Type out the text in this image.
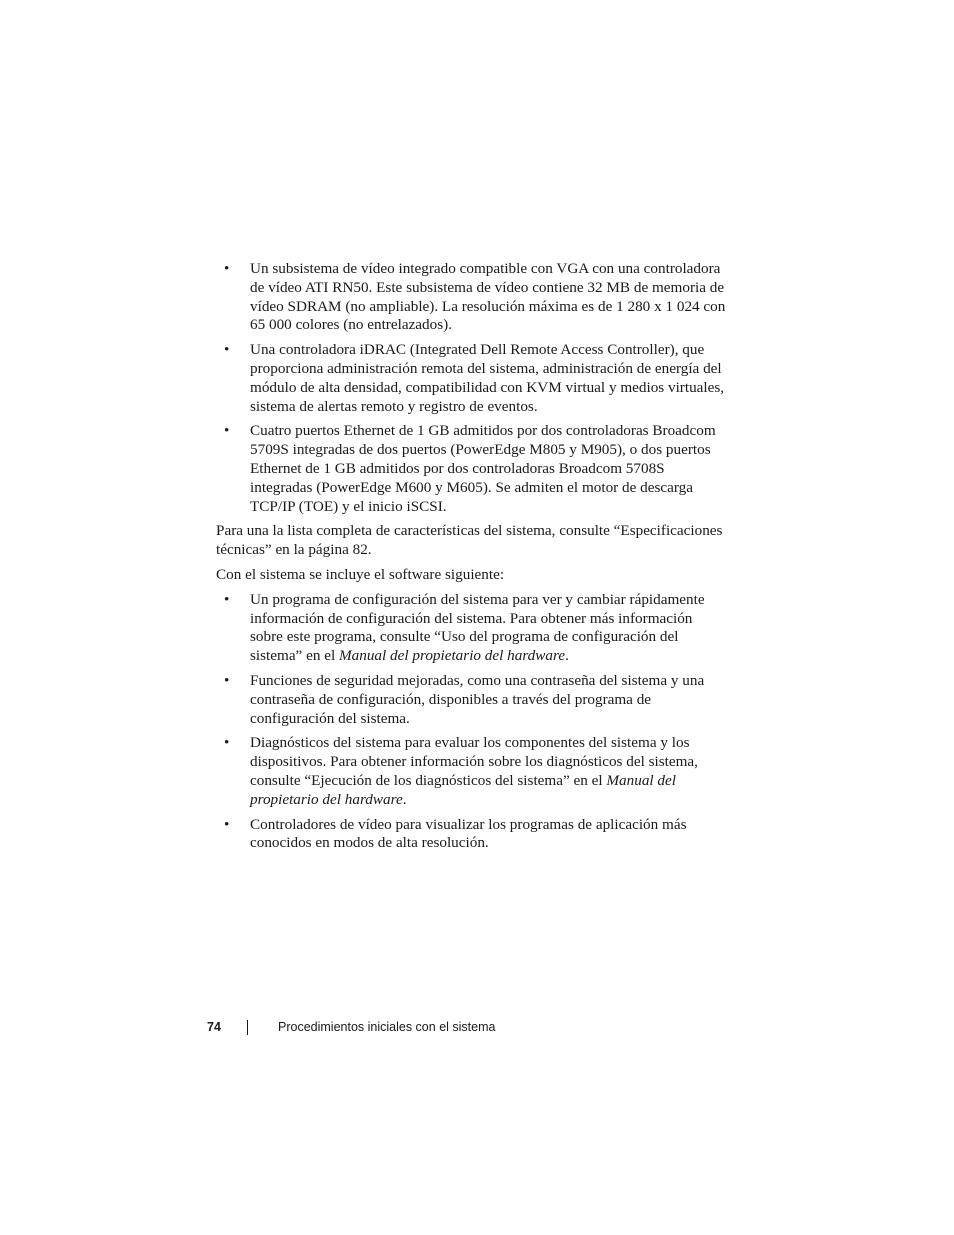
• Un subsistema de vídeo integrado compatible con VGA con una controladora de vídeo ATI RN50. Este subsistema de vídeo contiene 32 MB de memoria de vídeo SDRAM (no ampliable). La resolución máxima es de 1 280 x 1 024 con 65 000 colores (no entrelazados).
• Una controladora iDRAC (Integrated Dell Remote Access Controller), que proporciona administración remota del sistema, administración de energía del módulo de alta densidad, compatibilidad con KVM virtual y medios virtuales, sistema de alertas remoto y registro de eventos.
• Cuatro puertos Ethernet de 1 GB admitidos por dos controladoras Broadcom 5709S integradas de dos puertos (PowerEdge M805 y M905), o dos puertos Ethernet de 1 GB admitidos por dos controladoras Broadcom 5708S integradas (PowerEdge M600 y M605). Se admiten el motor de descarga TCP/IP (TOE) y el inicio iSCSI.

Para una la lista completa de características del sistema, consulte “Especificaciones técnicas” en la página 82.

Con el sistema se incluye el software siguiente:

• Un programa de configuración del sistema para ver y cambiar rápidamente información de configuración del sistema. Para obtener más información sobre este programa, consulte “Uso del programa de configuración del sistema” en el Manual del propietario del hardware.
• Funciones de seguridad mejoradas, como una contraseña del sistema y una contraseña de configuración, disponibles a través del programa de configuración del sistema.
• Diagnósticos del sistema para evaluar los componentes del sistema y los dispositivos. Para obtener información sobre los diagnósticos del sistema, consulte “Ejecución de los diagnósticos del sistema” en el Manual del propietario del hardware.
• Controladores de vídeo para visualizar los programas de aplicación más conocidos en modos de alta resolución.
74	Procedimientos iniciales con el sistema
